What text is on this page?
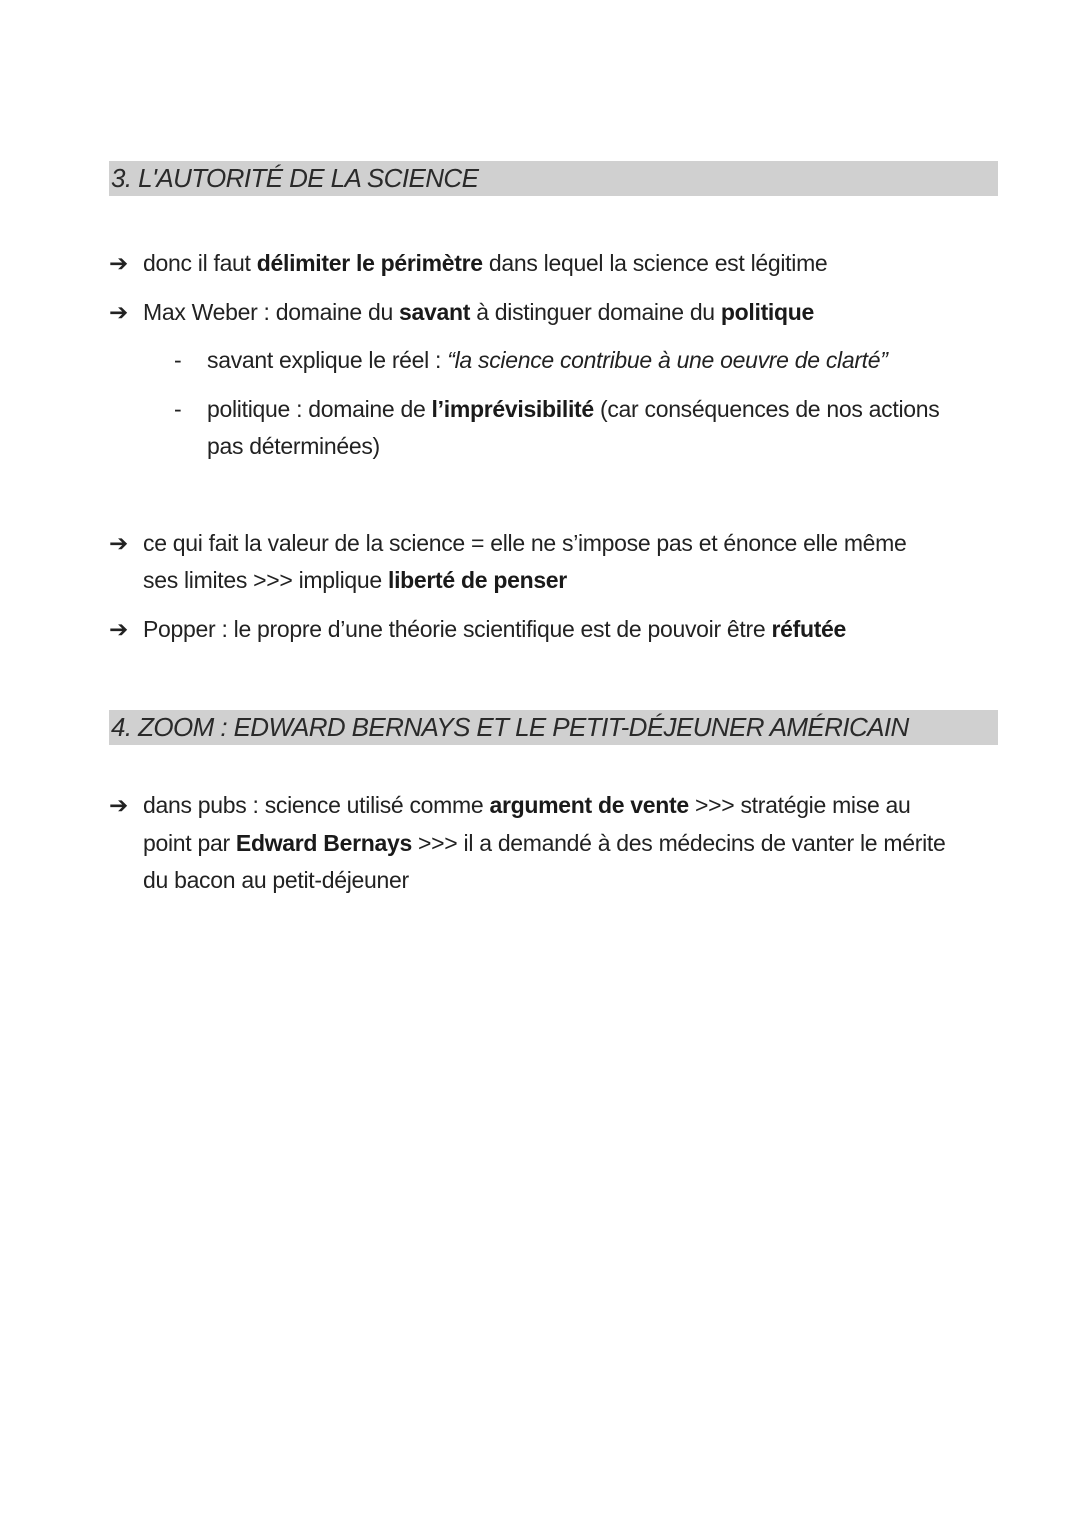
3. L'AUTORITÉ DE LA SCIENCE
➔ donc il faut délimiter le périmètre dans lequel la science est légitime
➔ Max Weber : domaine du savant à distinguer domaine du politique
- savant explique le réel : “la science contribue à une oeuvre de clarté”
- politique : domaine de l’imprévisibilité (car conséquences de nos actions
pas déterminées)
➔ ce qui fait la valeur de la science = elle ne s’impose pas et énonce elle même
ses limites >>> implique liberté de penser
➔ Popper : le propre d’une théorie scientifique est de pouvoir être réfutée
4. ZOOM : EDWARD BERNAYS ET LE PETIT-DÉJEUNER AMÉRICAIN
➔ dans pubs : science utilisé comme argument de vente >>> stratégie mise au
point par Edward Bernays >>> il a demandé à des médecins de vanter le mérite
du bacon au petit-déjeuner
